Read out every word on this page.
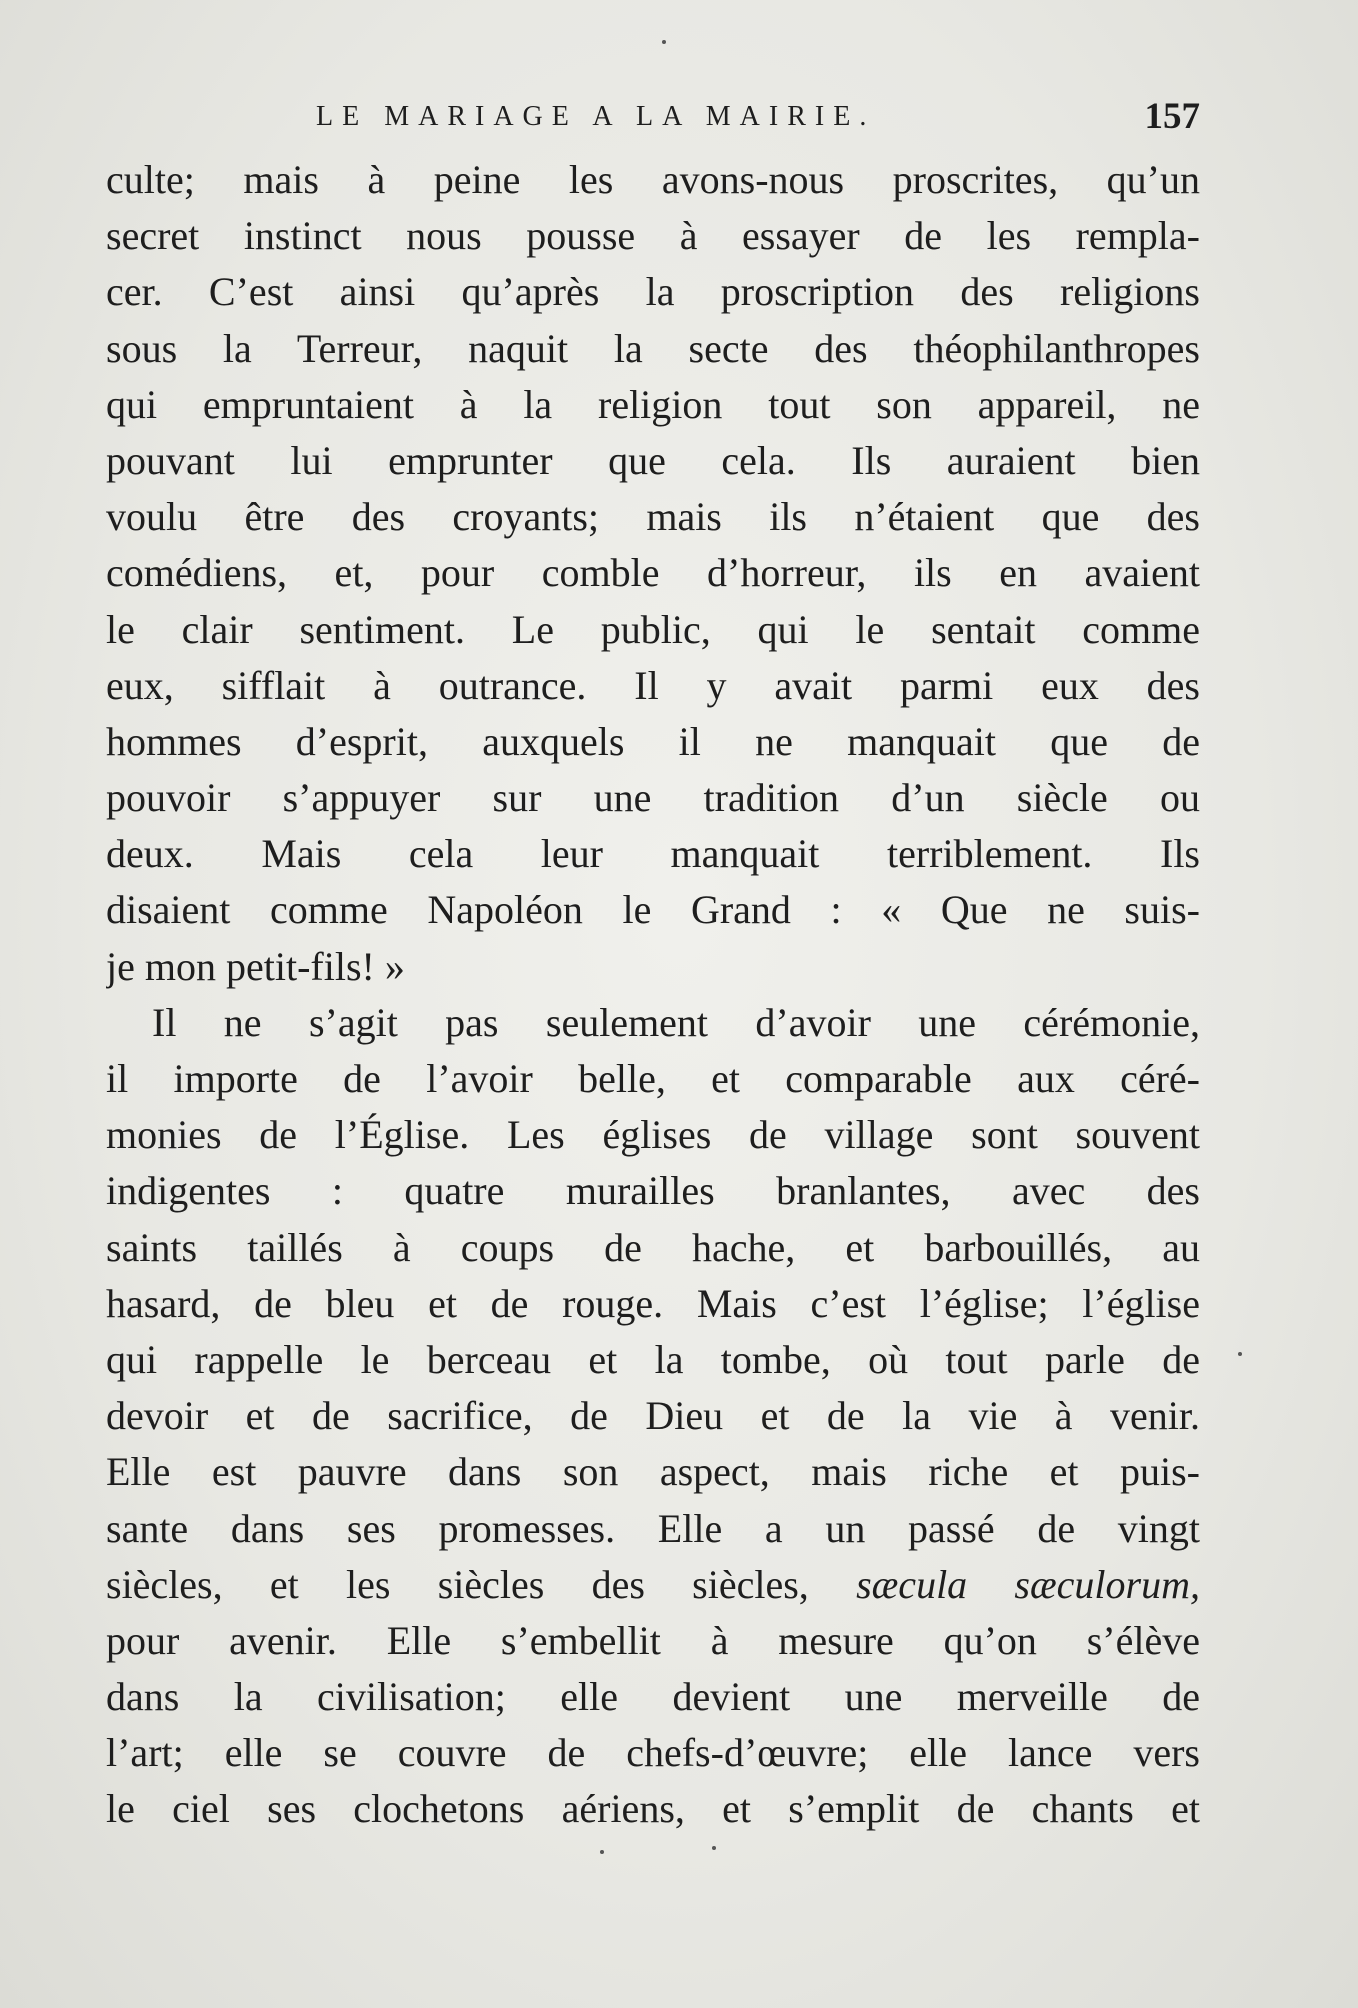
LE MARIAGE A LA MAIRIE.	157
culte; mais à peine les avons-nous proscrites, qu’un
secret instinct nous pousse à essayer de les rempla-
cer. C’est ainsi qu’après la proscription des religions
sous la Terreur, naquit la secte des théophilanthropes
qui empruntaient à la religion tout son appareil, ne
pouvant lui emprunter que cela. Ils auraient bien
voulu être des croyants; mais ils n’étaient que des
comédiens, et, pour comble d’horreur, ils en avaient
le clair sentiment. Le public, qui le sentait comme
eux, sifflait à outrance. Il y avait parmi eux des
hommes d’esprit, auxquels il ne manquait que de
pouvoir s’appuyer sur une tradition d’un siècle ou
deux. Mais cela leur manquait terriblement. Ils
disaient comme Napoléon le Grand : « Que ne suis-
je mon petit-fils! »
Il ne s’agit pas seulement d’avoir une cérémonie,
il importe de l’avoir belle, et comparable aux céré-
monies de l’Église. Les églises de village sont souvent
indigentes : quatre murailles branlantes, avec des
saints taillés à coups de hache, et barbouillés, au
hasard, de bleu et de rouge. Mais c’est l’église; l’église
qui rappelle le berceau et la tombe, où tout parle de
devoir et de sacrifice, de Dieu et de la vie à venir.
Elle est pauvre dans son aspect, mais riche et puis-
sante dans ses promesses. Elle a un passé de vingt
siècles, et les siècles des siècles, sæcula sæculorum,
pour avenir. Elle s’embellit à mesure qu’on s’élève
dans la civilisation; elle devient une merveille de
l’art; elle se couvre de chefs-d’œuvre; elle lance vers
le ciel ses clochetons aériens, et s’emplit de chants et
